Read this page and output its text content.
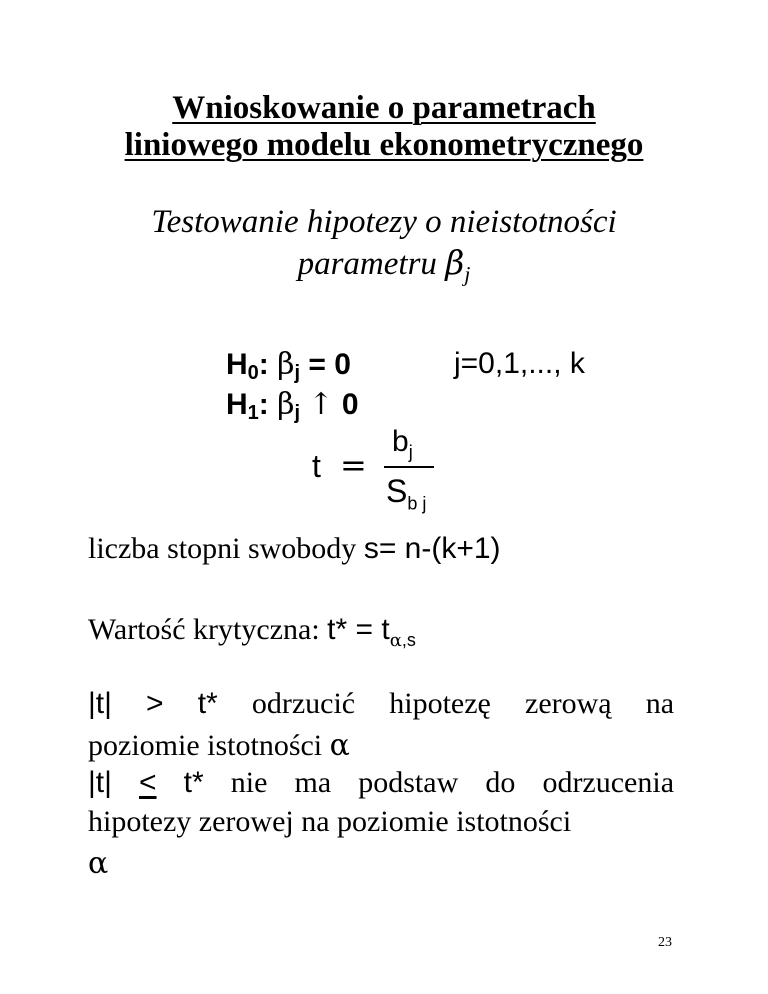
Wnioskowanie o parametrach
liniowego modelu ekonometrycznego
Testowanie hipotezy o nieistotności
parametru $\beta_j$
$H_0$: $\beta_j = 0$	j=0,1,..., k
$H_1$: $\beta_j$ ↑ 0
t =
$b_j$
$S_{b j}$
liczba stopni swobody s= n-(k+1)
Wartość krytyczna: $t* = t_{\alpha,s}$
|t| > t* odrzucić hipotezę zerową na
poziomie istotności α
|t| < t* nie ma podstaw do odrzucenia
hipotezy zerowej na poziomie istotności
α
23
